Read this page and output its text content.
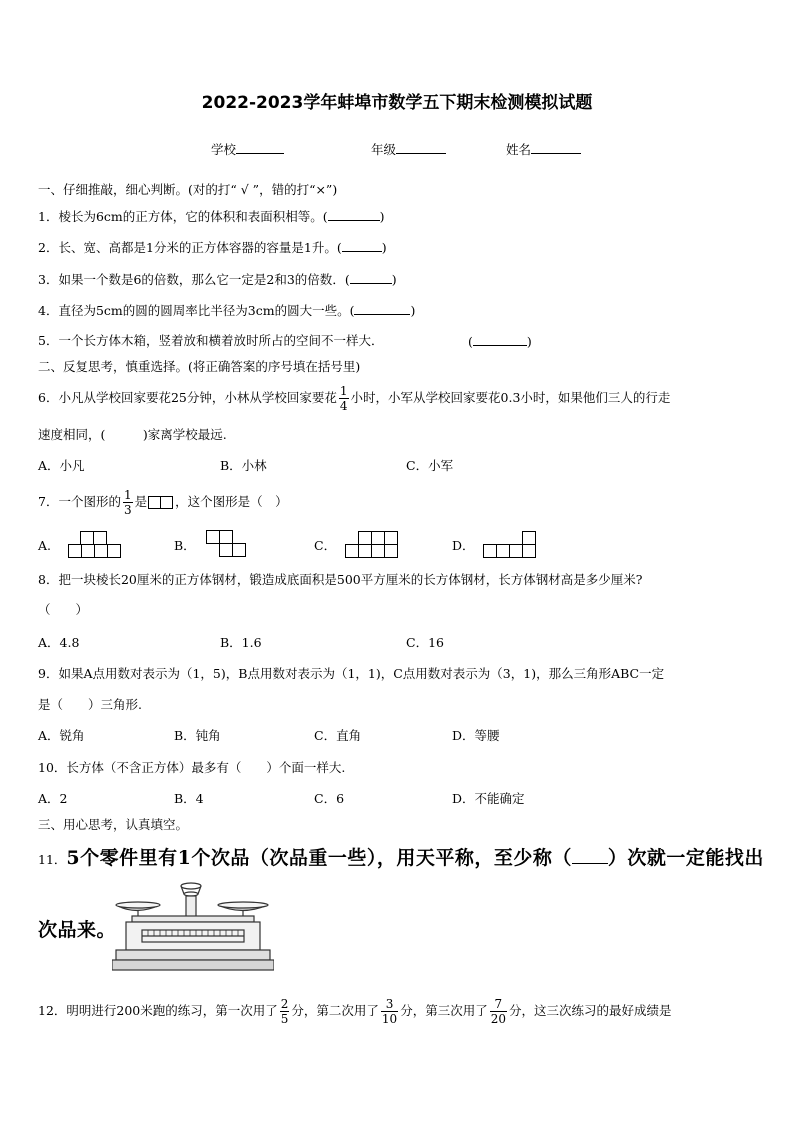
2022-2023学年蚌埠市数学五下期末检测模拟试题
学校	年级	姓名
一、仔细推敲，细心判断。(对的打“ √ ”，错的打“×”)
1．棱长为6cm的正方体，它的体积和表面积相等。(	)
2．长、宽、高都是1分米的正方体容器的容量是1升。(	)
3．如果一个数是6的倍数，那么它一定是2和3的倍数．(	)
4．直径为5cm的圆的圆周率比半径为3cm的圆大一些。(	)
5．一个长方体木箱，竖着放和横着放时所占的空间不一样大．	(	)
二、反复思考，慎重选择。(将正确答案的序号填在括号里)
6．小凡从学校回家要花25分钟，小林从学校回家要花 $\frac{1}{4}$ 小时，小军从学校回家要花0.3小时，如果他们三人的行走
速度相同，(　　　)家离学校最远.
A．小凡	B．小林	C．小军
7．一个图形的 $\frac{1}{3}$ 是 ，这个图形是（　）
A.	B．	C．	D．
8．把一块棱长20厘米的正方体钢材，锻造成底面积是500平方厘米的长方体钢材，长方体钢材高是多少厘米?
（　　）
A．4.8	B．1.6	C．16
9．如果A点用数对表示为（1，5)，B点用数对表示为（1，1)，C点用数对表示为（3，1)，那么三角形ABC一定
是（　　）三角形.
A．锐角	B．钝角	C．直角	D．等腰
10．长方体（不含正方体）最多有（　　）个面一样大.
A．2	B．4	C．6	D．不能确定
三、用心思考，认真填空。
11．5个零件里有1个次品（次品重一些），用天平称，至少称（ ）次就一定能找出
次品来。
12．明明进行200米跑的练习，第一次用了 $\frac{2}{5}$ 分，第二次用了 $\frac{3}{10}$ 分，第三次用了 $\frac{7}{20}$ 分，这三次练习的最好成绩是
